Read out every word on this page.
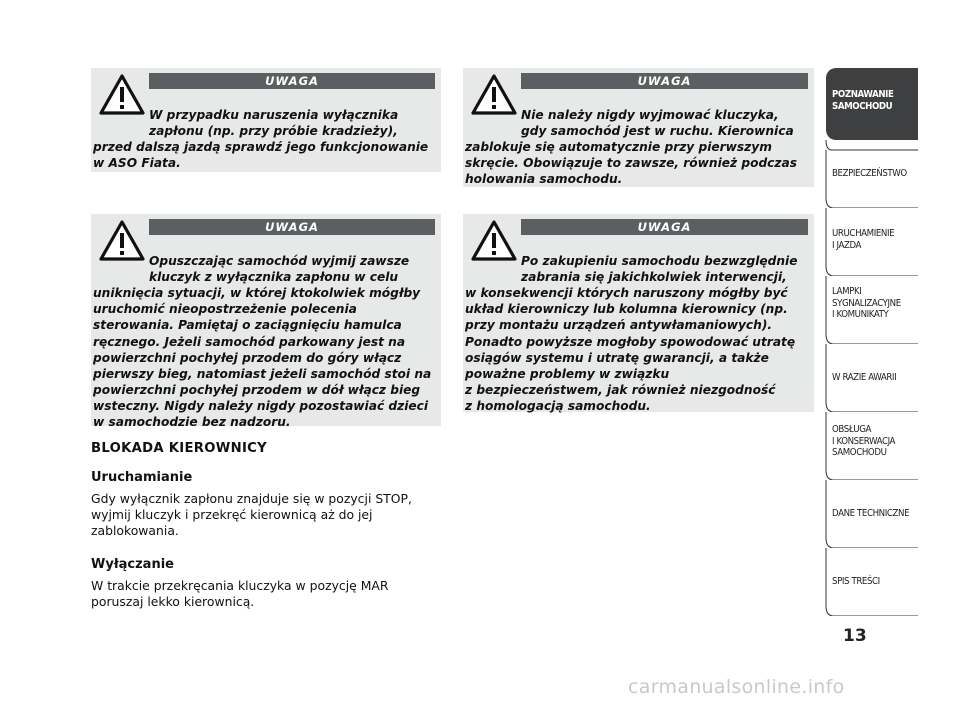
UWAGA

W przypadku naruszenia wyłącznika
zapłonu (np. przy próbie kradzieży),
przed dalszą jazdą sprawdź jego funkcjonowanie
w ASO Fiata.

UWAGA

Nie należy nigdy wyjmować kluczyka,
gdy samochód jest w ruchu. Kierownica
zablokuje się automatycznie przy pierwszym
skręcie. Obowiązuje to zawsze, również podczas
holowania samochodu.

UWAGA

Opuszczając samochód wyjmij zawsze
kluczyk z wyłącznika zapłonu w celu
uniknięcia sytuacji, w której ktokolwiek mógłby
uruchomić nieopostrzeżenie polecenia
sterowania. Pamiętaj o zaciągnięciu hamulca
ręcznego. Jeżeli samochód parkowany jest na
powierzchni pochyłej przodem do góry włącz
pierwszy bieg, natomiast jeżeli samochód stoi na
powierzchni pochyłej przodem w dół włącz bieg
wsteczny. Nigdy należy nigdy pozostawiać dzieci
w samochodzie bez nadzoru.

UWAGA

Po zakupieniu samochodu bezwzględnie
zabrania się jakichkolwiek interwencji,
w konsekwencji których naruszony mógłby być
układ kierowniczy lub kolumna kierownicy (np.
przy montażu urządzeń antywłamaniowych).
Ponadto powyższe mogłoby spowodować utratę
osiągów systemu i utratę gwarancji, a także
poważne problemy w związku
z bezpieczeństwem, jak również niezgodność
z homologacją samochodu.

BLOKADA KIEROWNICY
Uruchamianie
Gdy wyłącznik zapłonu znajduje się w pozycji STOP,
wyjmij kluczyk i przekręć kierownicą aż do jej
zablokowania.
Wyłączanie
W trakcie przekręcania kluczyka w pozycję MAR
poruszaj lekko kierownicą.
POZNAWANIE
SAMOCHODU
BEZPIECZEŃSTWO
URUCHAMIENIE
I JAZDA
LAMPKI
SYGNALIZACYJNE
I KOMUNIKATY
W RAZIE AWARII
OBSŁUGA
I KONSERWACJA
SAMOCHODU
DANE TECHNICZNE
SPIS TREŚCI
13
carmanualsonline.info
